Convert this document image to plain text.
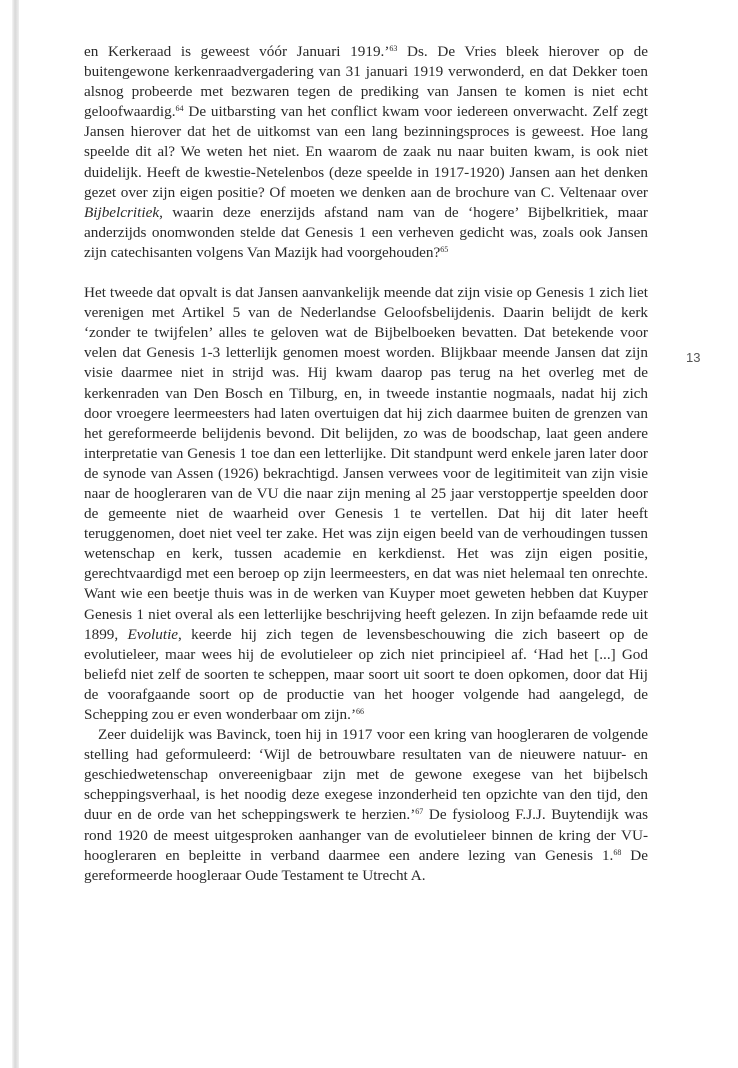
en Kerkeraad is geweest vóór Januari 1919.’$^{63}$ Ds. De Vries bleek hierover op de buitengewone kerkenraadvergadering van 31 januari 1919 verwonderd, en dat Dekker toen alsnog probeerde met bezwaren tegen de prediking van Jansen te komen is niet echt geloofwaardig.$^{64}$ De uitbarsting van het conflict kwam voor iedereen onverwacht. Zelf zegt Jansen hierover dat het de uitkomst van een lang bezinningsproces is geweest. Hoe lang speelde dit al? We weten het niet. En waarom de zaak nu naar buiten kwam, is ook niet duidelijk. Heeft de kwestie-Netelenbos (deze speelde in 1917-1920) Jansen aan het denken gezet over zijn eigen positie? Of moeten we denken aan de brochure van C. Veltenaar over Bijbelcritiek, waarin deze enerzijds afstand nam van de ‘hogere’ Bijbelkritiek, maar anderzijds onomwonden stelde dat Genesis 1 een verheven gedicht was, zoals ook Jansen zijn catechisanten volgens Van Mazijk had voorgehouden?$^{65}$

Het tweede dat opvalt is dat Jansen aanvankelijk meende dat zijn visie op Genesis 1 zich liet verenigen met Artikel 5 van de Nederlandse Geloofsbelijdenis. Daarin belijdt de kerk ‘zonder te twijfelen’ alles te geloven wat de Bijbelboeken bevatten. Dat betekende voor velen dat Genesis 1-3 letterlijk genomen moest worden. Blijkbaar meende Jansen dat zijn visie daarmee niet in strijd was. Hij kwam daarop pas terug na het overleg met de kerkenraden van Den Bosch en Tilburg, en, in tweede instantie nogmaals, nadat hij zich door vroegere leermeesters had laten overtuigen dat hij zich daarmee buiten de grenzen van het gereformeerde belijdenis bevond. Dit belijden, zo was de boodschap, laat geen andere interpretatie van Genesis 1 toe dan een letterlijke. Dit standpunt werd enkele jaren later door de synode van Assen (1926) bekrachtigd. Jansen verwees voor de legitimiteit van zijn visie naar de hoogleraren van de VU die naar zijn mening al 25 jaar verstoppertje speelden door de gemeente niet de waarheid over Genesis 1 te vertellen. Dat hij dit later heeft teruggenomen, doet niet veel ter zake. Het was zijn eigen beeld van de verhoudingen tussen wetenschap en kerk, tussen academie en kerkdienst. Het was zijn eigen positie, gerechtvaardigd met een beroep op zijn leermeesters, en dat was niet helemaal ten onrechte. Want wie een beetje thuis was in de werken van Kuyper moet geweten hebben dat Kuyper Genesis 1 niet overal als een letterlijke beschrijving heeft gelezen. In zijn befaamde rede uit 1899, Evolutie, keerde hij zich tegen de levensbeschouwing die zich baseert op de evolutieleer, maar wees hij de evolutieleer op zich niet principieel af. ‘Had het [...] God beliefd niet zelf de soorten te scheppen, maar soort uit soort te doen opkomen, door dat Hij de voorafgaande soort op de productie van het hooger volgende had aangelegd, de Schepping zou er even wonderbaar om zijn.’$^{66}$

Zeer duidelijk was Bavinck, toen hij in 1917 voor een kring van hoogleraren de volgende stelling had geformuleerd: ‘Wijl de betrouwbare resultaten van de nieuwere natuur- en geschiedwetenschap onvereenigbaar zijn met de gewone exegese van het bijbelsch scheppingsverhaal, is het noodig deze exegese inzonderheid ten opzichte van den tijd, den duur en de orde van het scheppingswerk te herzien.’$^{67}$ De fysioloog F.J.J. Buytendijk was rond 1920 de meest uitgesproken aanhanger van de evolutieleer binnen de kring der VU-hoogleraren en bepleitte in verband daarmee een andere lezing van Genesis 1.68 De gereformeerde hoogleraar Oude Testament te Utrecht A.

13
